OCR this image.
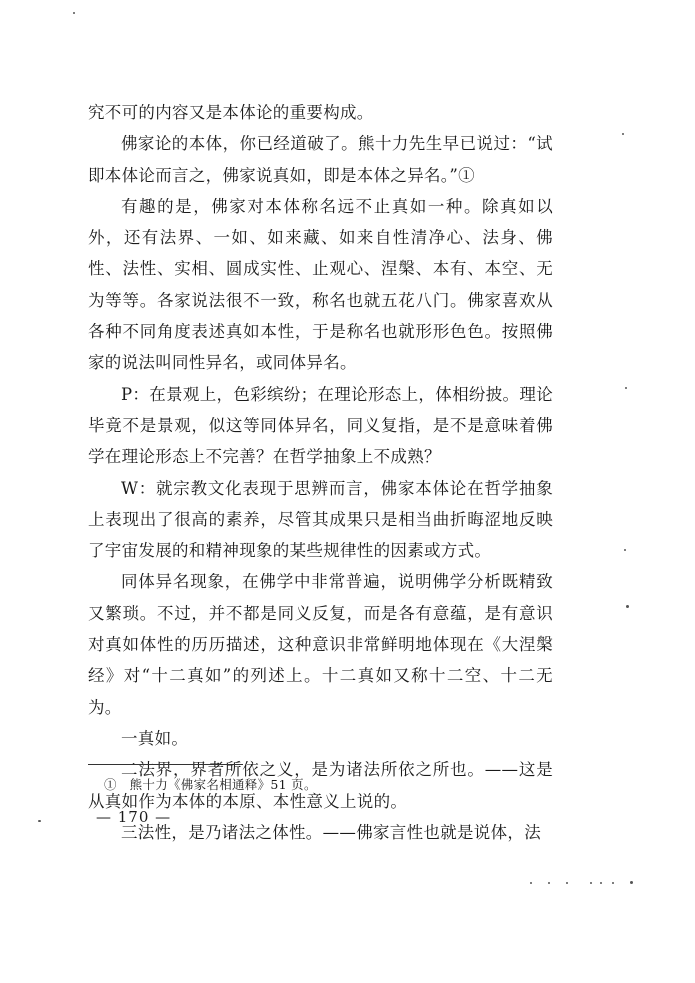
究不可的内容又是本体论的重要构成。

佛家论的本体，你已经道破了。熊十力先生早已说过：“试即本体论而言之，佛家说真如，即是本体之异名。”①

有趣的是，佛家对本体称名远不止真如一种。除真如以外，还有法界、一如、如来藏、如来自性清净心、法身、佛性、法性、实相、圆成实性、止观心、涅槃、本有、本空、无为等等。各家说法很不一致，称名也就五花八门。佛家喜欢从各种不同角度表述真如本性，于是称名也就形形色色。按照佛家的说法叫同性异名，或同体异名。

P：在景观上，色彩缤纷；在理论形态上，体相纷披。理论毕竟不是景观，似这等同体异名，同义复指，是不是意味着佛学在理论形态上不完善？在哲学抽象上不成熟？

W：就宗教文化表现于思辨而言，佛家本体论在哲学抽象上表现出了很高的素养，尽管其成果只是相当曲折晦涩地反映了宇宙发展的和精神现象的某些规律性的因素或方式。

同体异名现象，在佛学中非常普遍，说明佛学分析既精致又繁琐。不过，并不都是同义反复，而是各有意蕴，是有意识对真如体性的历历描述，这种意识非常鲜明地体现在《大涅槃经》对“十二真如”的列述上。十二真如又称十二空、十二无为。

一真如。

二法界，界者所依之义，是为诸法所依之所也。——这是从真如作为本体的本原、本性意义上说的。

三法性，是乃诸法之体性。——佛家言性也就是说体，法

①　熊十力《佛家名相通释》51 页。
— 170 —
